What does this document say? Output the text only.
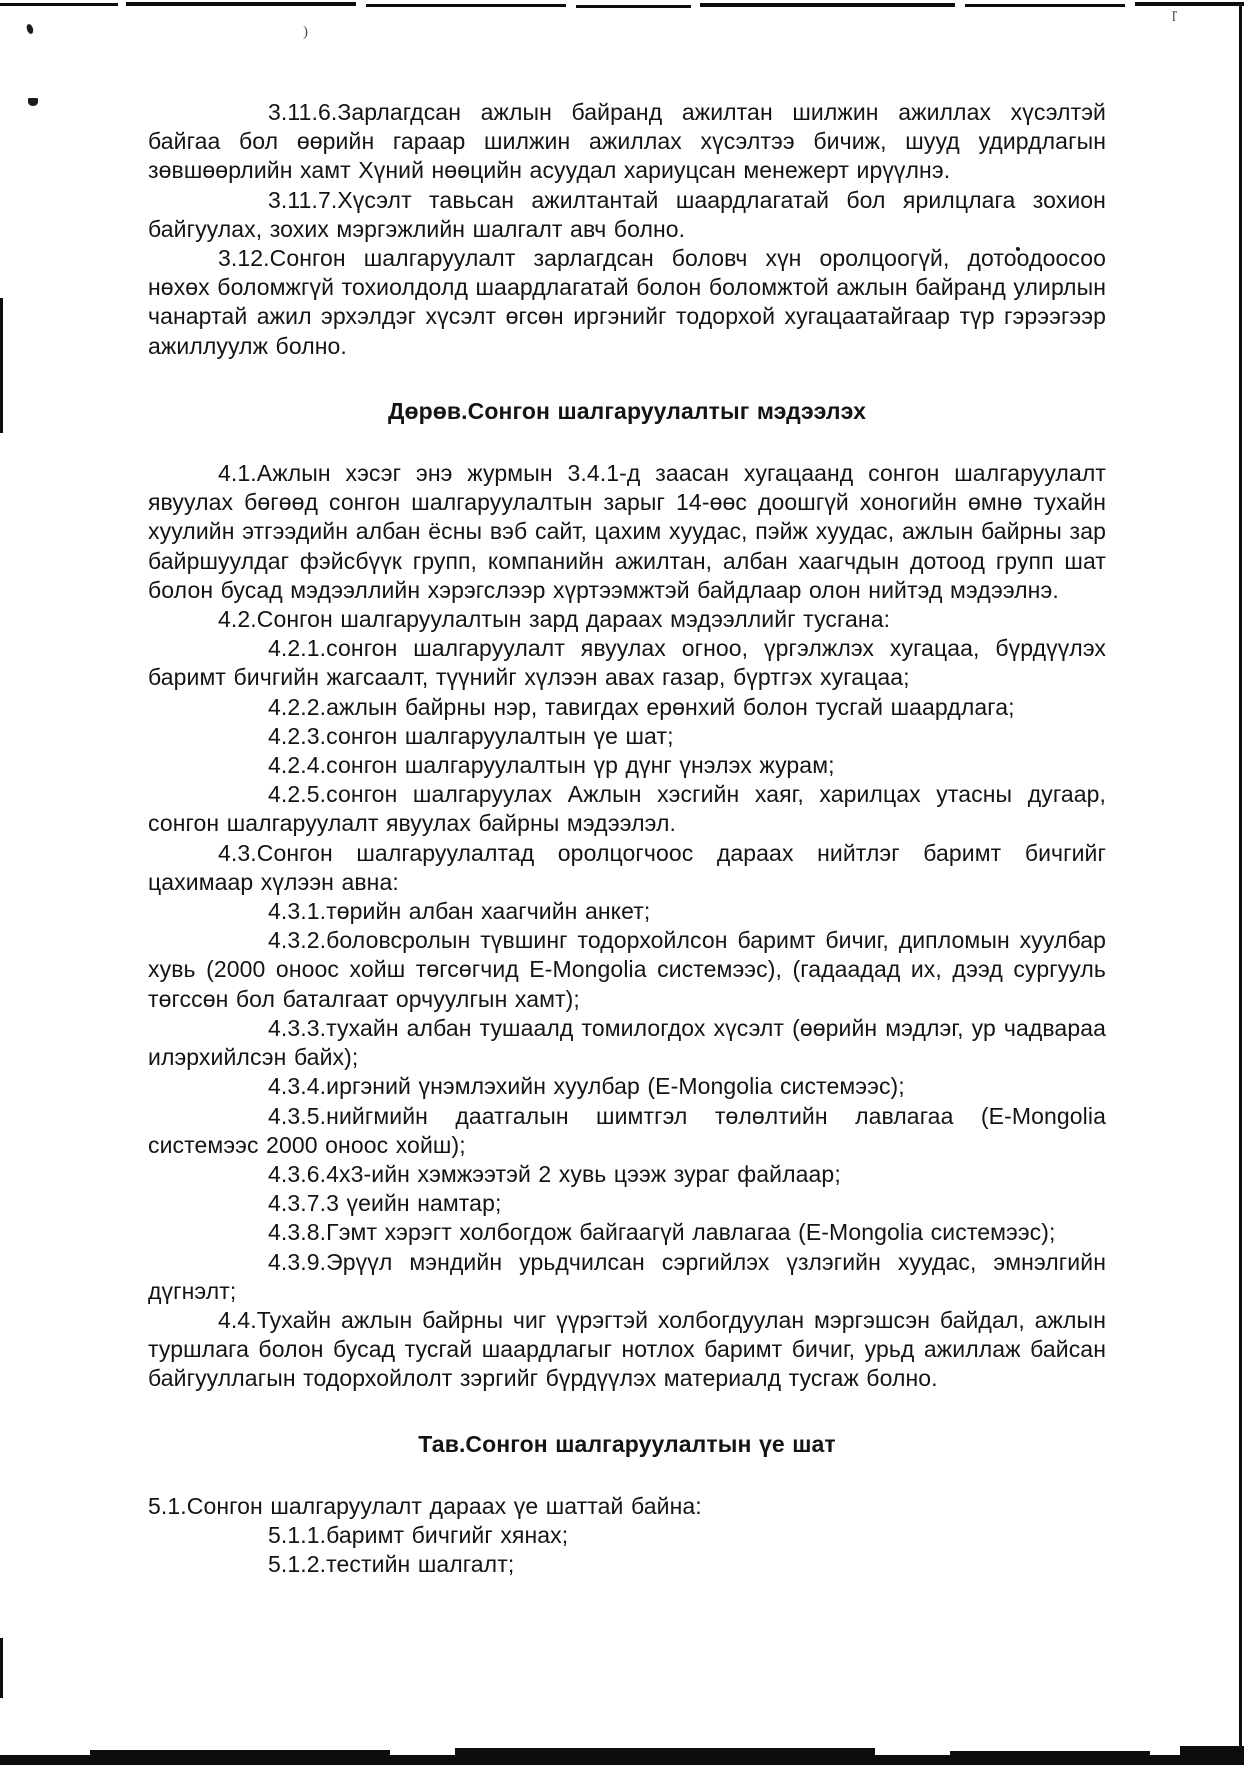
)
ɼ

3.11.6.Зарлагдсан ажлын байранд ажилтан шилжин ажиллах хүсэлтэй байгаа бол өөрийн гараар шилжин ажиллах хүсэлтээ бичиж, шууд удирдлагын зөвшөөрлийн хамт Хүний нөөцийн асуудал хариуцсан менежерт ирүүлнэ.

3.11.7.Хүсэлт тавьсан ажилтантай шаардлагатай бол ярилцлага зохион байгуулах, зохих мэргэжлийн шалгалт авч болно.

3.12.Сонгон шалгаруулалт зарлагдсан боловч хүн оролцоогүй, дотоодоосоо нөхөх боломжгүй тохиолдолд шаардлагатай болон боломжтой ажлын байранд улирлын чанартай ажил эрхэлдэг хүсэлт өгсөн иргэнийг тодорхой хугацаатайгаар түр гэрээгээр ажиллуулж болно.

Дөрөв.Сонгон шалгаруулалтыг мэдээлэх

4.1.Ажлын хэсэг энэ журмын 3.4.1-д заасан хугацаанд сонгон шалгаруулалт явуулах бөгөөд сонгон шалгаруулалтын зарыг 14-өөс доошгүй хоногийн өмнө тухайн хуулийн этгээдийн албан ёсны вэб сайт, цахим хуудас, пэйж хуудас, ажлын байрны зар байршуулдаг фэйсбүүк групп, компанийн ажилтан, албан хаагчдын дотоод групп шат болон бусад мэдээллийн хэрэгслээр хүртээмжтэй байдлаар олон нийтэд мэдээлнэ.

4.2.Сонгон шалгаруулалтын зард дараах мэдээллийг тусгана:

4.2.1.сонгон шалгаруулалт явуулах огноо, үргэлжлэх хугацаа, бүрдүүлэх баримт бичгийн жагсаалт, түүнийг хүлээн авах газар, бүртгэх хугацаа;

4.2.2.ажлын байрны нэр, тавигдах ерөнхий болон тусгай шаардлага;

4.2.3.сонгон шалгаруулалтын үе шат;

4.2.4.сонгон шалгаруулалтын үр дүнг үнэлэх журам;

4.2.5.сонгон шалгаруулах Ажлын хэсгийн хаяг, харилцах утасны дугаар, сонгон шалгаруулалт явуулах байрны мэдээлэл.

4.3.Сонгон шалгаруулалтад оролцогчоос дараах нийтлэг баримт бичгийг цахимаар хүлээн авна:

4.3.1.төрийн албан хаагчийн анкет;

4.3.2.боловсролын түвшинг тодорхойлсон баримт бичиг, дипломын хуулбар хувь (2000 оноос хойш төгсөгчид E-Mongolia системээс), (гадаадад их, дээд сургууль төгссөн бол баталгаат орчуулгын хамт);

4.3.3.тухайн албан тушаалд томилогдох хүсэлт (өөрийн мэдлэг, ур чадвараа илэрхийлсэн байх);

4.3.4.иргэний үнэмлэхийн хуулбар (E-Mongolia системээс);

4.3.5.нийгмийн даатгалын шимтгэл төлөлтийн лавлагаа (E-Mongolia системээс 2000 оноос хойш);

4.3.6.4х3-ийн хэмжээтэй 2 хувь цээж зураг файлаар;

4.3.7.3 үеийн намтар;

4.3.8.Гэмт хэрэгт холбогдож байгаагүй лавлагаа (E-Mongolia системээс);

4.3.9.Эрүүл мэндийн урьдчилсан сэргийлэх үзлэгийн хуудас, эмнэлгийн дүгнэлт;

4.4.Тухайн ажлын байрны чиг үүрэгтэй холбогдуулан мэргэшсэн байдал, ажлын туршлага болон бусад тусгай шаардлагыг нотлох баримт бичиг, урьд ажиллаж байсан байгууллагын тодорхойлолт зэргийг бүрдүүлэх материалд тусгаж болно.

Тав.Сонгон шалгаруулалтын үе шат

5.1.Сонгон шалгаруулалт дараах үе шаттай байна:

5.1.1.баримт бичгийг хянах;

5.1.2.тестийн шалгалт;
